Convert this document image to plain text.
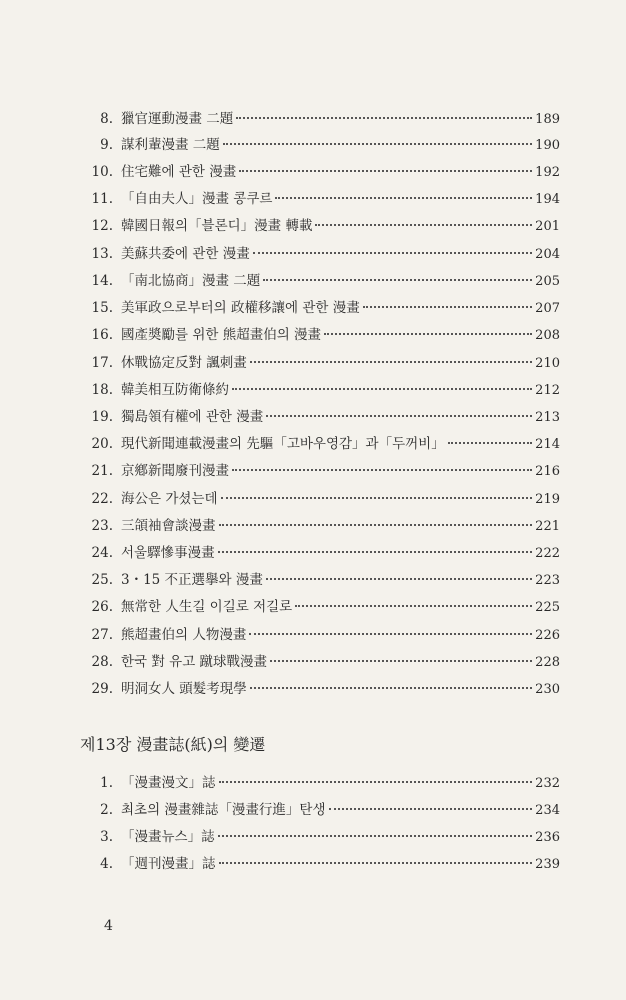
8. 獵官運動漫畫 二題	189
9. 謀利輩漫畫 二題	190
10. 住宅難에 관한 漫畫	192
11. 「自由夫人」漫畫 콩쿠르	194
12. 韓國日報의「블론디」漫畫 轉載	201
13. 美蘇共委에 관한 漫畫	204
14. 「南北協商」漫畫 二題	205
15. 美軍政으로부터의 政權移讓에 관한 漫畫	207
16. 國產奬勵를 위한 熊超畫伯의 漫畫	208
17. 休戰協定反對 諷刺畫	210
18. 韓美相互防衛條約	212
19. 獨島領有權에 관한 漫畫	213
20. 現代新聞連載漫畫의 先驅「고바우영감」과「두꺼비」	214
21. 京鄕新聞廢刊漫畫	216
22. 海公은 가셨는데	219
23. 三頜袖會談漫畫	221
24. 서울驛慘事漫畫	222
25. 3・15 不正選擧와 漫畫	223
26. 無常한 人生길 이길로 저길로	225
27. 熊超畫伯의 人物漫畫	226
28. 한국 對 유고 蹴球戰漫畫	228
29. 明洞女人 頭髮考現學	230
제13장 漫畫誌(紙)의 變遷
1. 「漫畫漫文」誌	232
2. 최초의 漫畫雜誌「漫畫行進」탄생	234
3. 「漫畫뉴스」誌	236
4. 「週刊漫畫」誌	239
4
